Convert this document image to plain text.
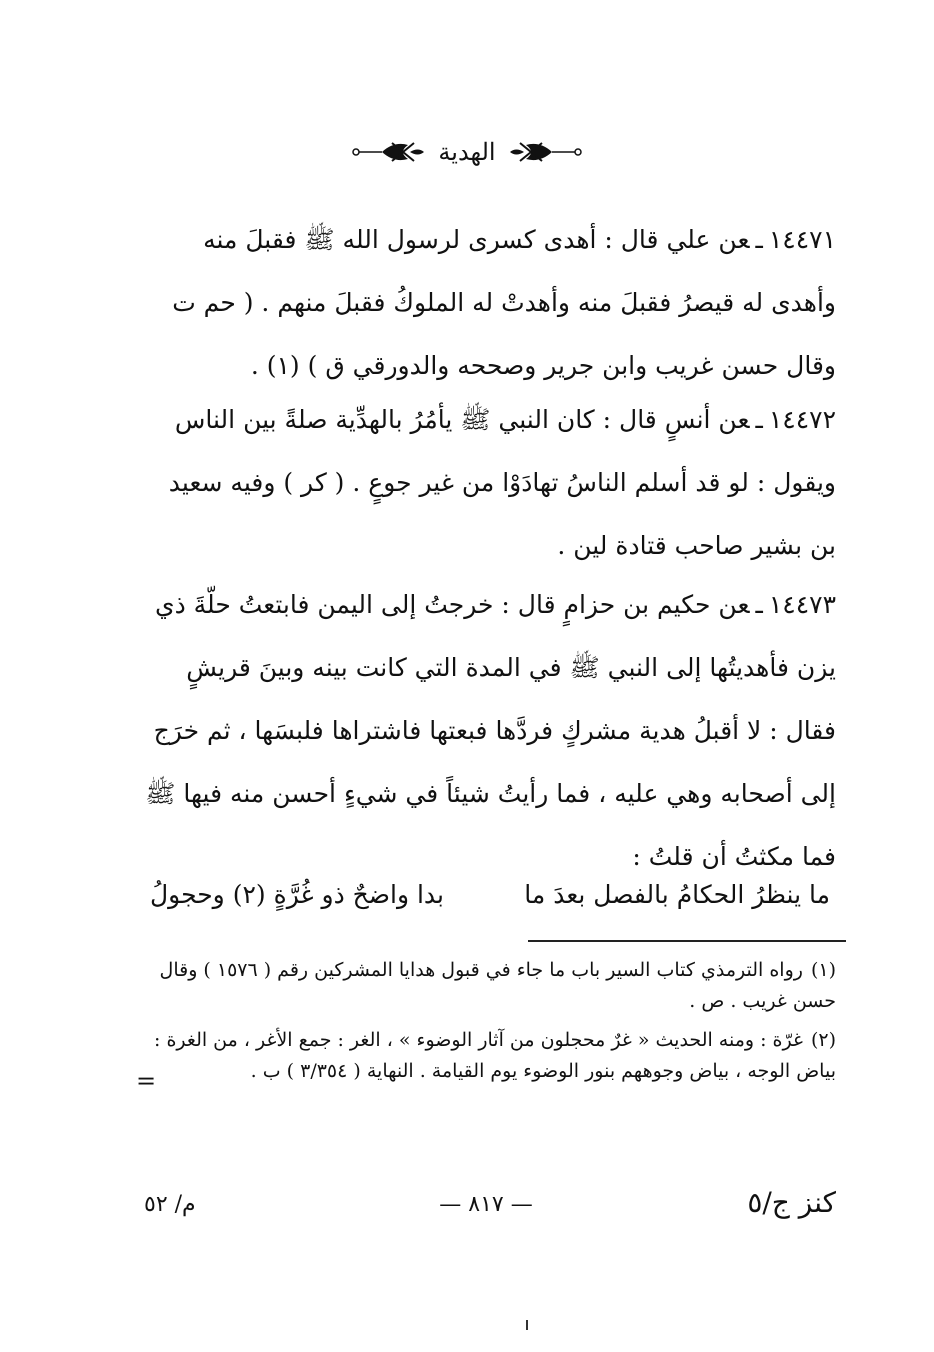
الهدية

١٤٤٧١ـعن علي قال : أهدى كسرى لرسول الله ﷺ فقبلَ منه وأهدى له قيصرُ فقبلَ منه وأهدتْ له الملوكُ فقبلَ منهم . ( حم ت وقال حسن غريب وابن جرير وصححه والدورقي ق ) (١) .

١٤٤٧٢ـعن أنسٍ قال : كان النبي ﷺ يأمُرُ بالهدِّية صلةً بين الناس ويقول : لو قد أسلم الناسُ تهادَوْا من غير جوعٍ . ( كر ) وفيه سعيد بن بشير صاحب قتادة لين .

١٤٤٧٣ـعن حكيم بن حزامٍ قال : خرجتُ إلى اليمن فابتعتُ حلّةَ ذي يزن فأهديتُها إلى النبي ﷺ في المدة التي كانت بينه وبينَ قريشٍ فقال : لا أقبلُ هدية مشركٍ فردَّها فبعتها فاشتراها فلبسَها ، ثم خرَج إلى أصحابه وهي عليه ، فما رأيتُ شيئاً في شيءٍ أحسن منه فيها ﷺ فما مكثتُ أن قلتُ :

ما ينظرُ الحكامُ بالفصل بعدَ ما
بدا واضحٌ ذو غُرَّةٍ (٢) وحجولُ
(١)رواه الترمذي كتاب السير باب ما جاء في قبول هدايا المشركين رقم ( ١٥٧٦ ) وقال حسن غريب . ص .
(٢)غرّة : ومنه الحديث « غرٌ محجلون من آثار الوضوء » ، الغر : جمع الأغر ، من الغرة : بياض الوجه ، بياض وجوههم بنور الوضوء يوم القيامة . النهاية ( ٣/٣٥٤ ) ب .
=
م/ ٥٢	— ٨١٧ —	كنز ج/٥
